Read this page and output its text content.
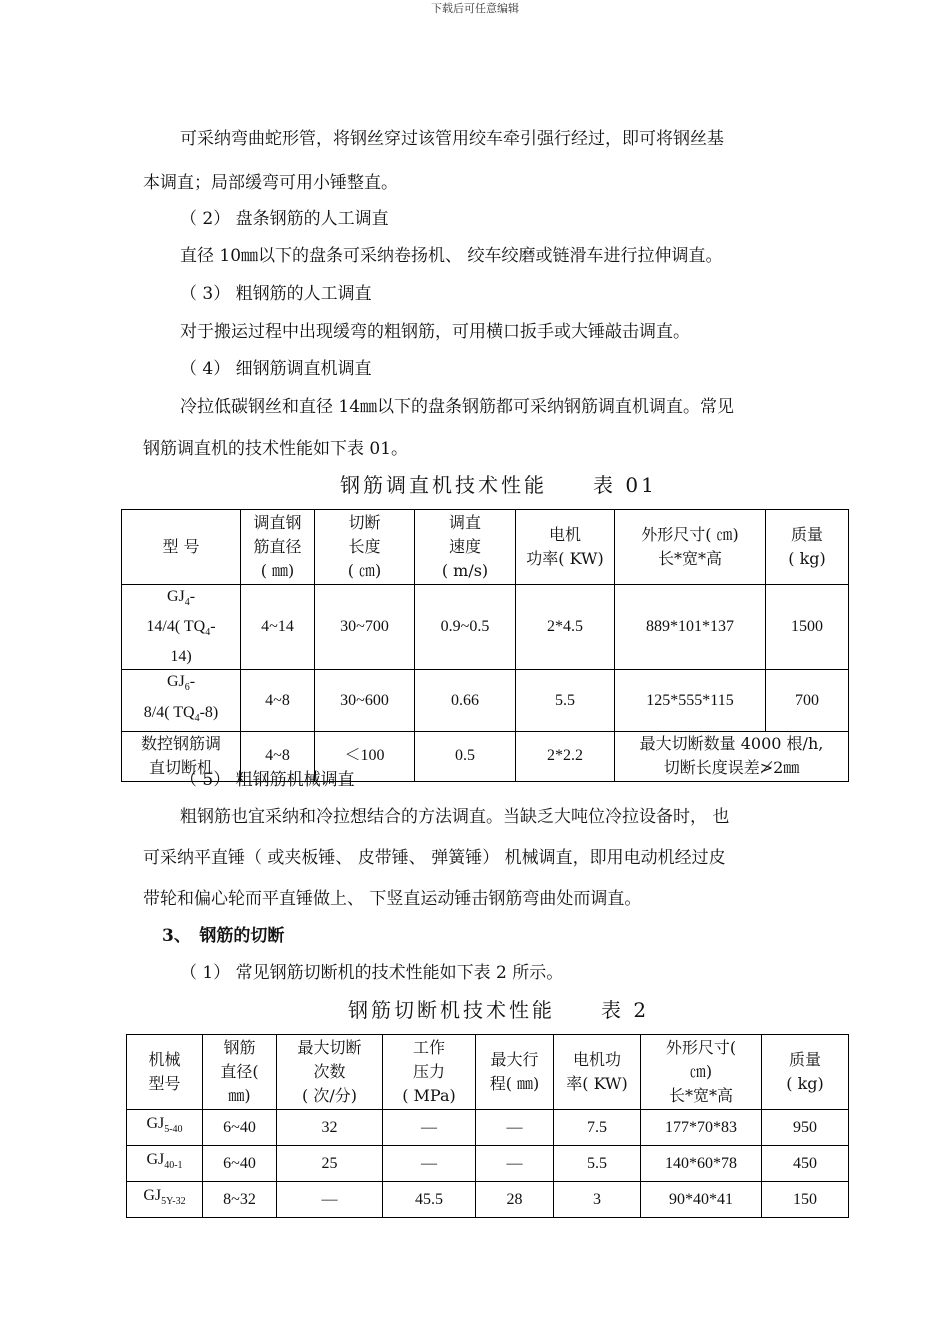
下载后可任意编辑
可采纳弯曲蛇形管，将钢丝穿过该管用绞车牵引强行经过，即可将钢丝基
本调直；局部缓弯可用小锤整直。
（ 2） 盘条钢筋的人工调直
直径 10㎜以下的盘条可采纳卷扬机、 绞车绞磨或链滑车进行拉伸调直。
（ 3） 粗钢筋的人工调直
对于搬运过程中出现缓弯的粗钢筋，可用横口扳手或大锤敲击调直。
（ 4） 细钢筋调直机调直
冷拉低碳钢丝和直径 14㎜以下的盘条钢筋都可采纳钢筋调直机调直。常见
钢筋调直机的技术性能如下表 01。
钢筋调直机技术性能　　表 01
型 号	调直钢
筋直径
( ㎜)	切断
长度
( ㎝)	调直
速度
( m/s)	电机
功率( KW)	外形尺寸( ㎝)
长*宽*高	质量
( kg)

$GJ_4-$
14/4( $TQ_4-$
14)	4~14	30~700	0.9~0.5	2*4.5	889*101*137	1500

$GJ_6-$
8/4( $TQ_4-8$)	4~8	30~600	0.66	5.5	125*555*115	700

数控钢筋调
直切断机	4~8	＜100	0.5	2*2.2	最大切断数量 4000 根/h,
切断长度误差≯2㎜	
（ 5） 粗钢筋机械调直
粗钢筋也宜采纳和冷拉想结合的方法调直。当缺乏大吨位冷拉设备时， 也
可采纳平直锤（ 或夹板锤、 皮带锤、 弹簧锤） 机械调直，即用电动机经过皮
带轮和偏心轮而平直锤做上、 下竖直运动锤击钢筋弯曲处而调直。
3、　钢筋的切断
（ 1） 常见钢筋切断机的技术性能如下表 2 所示。
钢筋切断机技术性能　　表 2
机械
型号	钢筋
直径(
㎜)	最大切断
次数
( 次/分)	工作
压力
( MPa)	最大行
程( ㎜)	电机功
率( KW)	外形尺寸(
㎝)
长*宽*高	质量
( kg)

$GJ_{5-40}$	6~40	32	—	—	7.5	177*70*83	950
$GJ_{40-1}$	6~40	25	—	—	5.5	140*60*78	450
$GJ_{5Y-32}$	8~32	—	45.5	28	3	90*40*41	150
